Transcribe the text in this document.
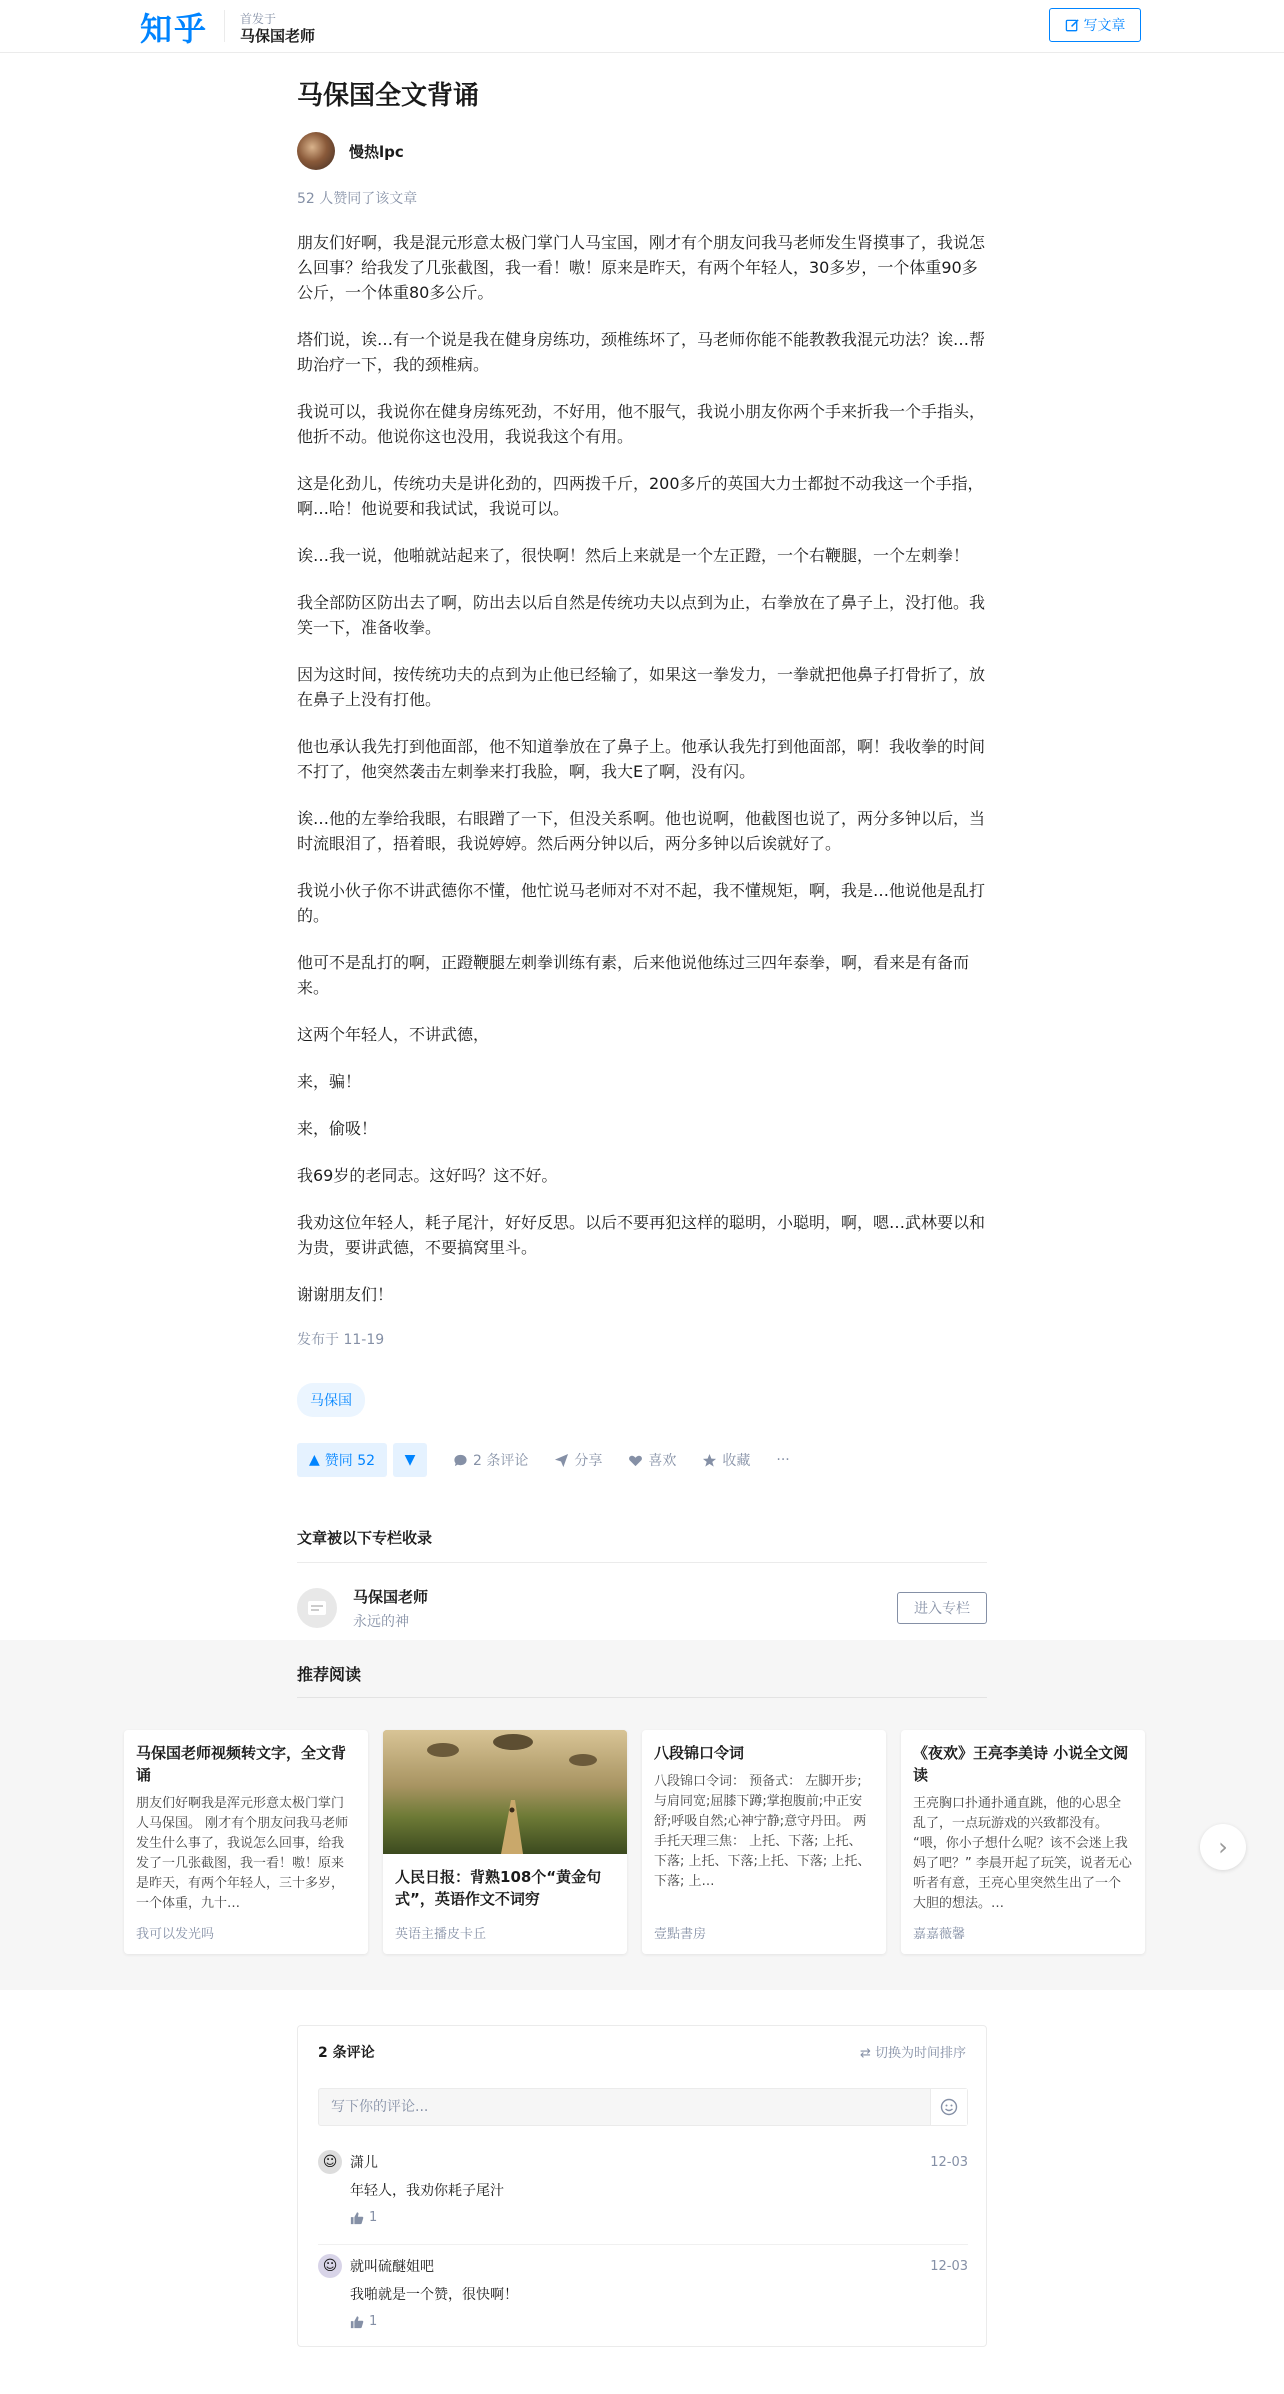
知乎	首发于
马保国老师
写文章
马保国全文背诵
慢热lpc
52 人赞同了该文章

朋友们好啊，我是混元形意太极门掌门人马宝国，刚才有个朋友问我马老师发生肾摸事了，我说怎么回事？给我发了几张截图，我一看！嗷！原来是昨天，有两个年轻人，30多岁，一个体重90多公斤，一个体重80多公斤。

塔们说，诶…有一个说是我在健身房练功，颈椎练坏了，马老师你能不能教教我混元功法？诶…帮助治疗一下，我的颈椎病。

我说可以，我说你在健身房练死劲，不好用，他不服气，我说小朋友你两个手来折我一个手指头，他折不动。他说你这也没用，我说我这个有用。

这是化劲儿，传统功夫是讲化劲的，四两拨千斤，200多斤的英国大力士都挝不动我这一个手指，啊…哈！他说要和我试试，我说可以。

诶…我一说，他啪就站起来了，很快啊！然后上来就是一个左正蹬，一个右鞭腿，一个左刺拳！

我全部防区防出去了啊，防出去以后自然是传统功夫以点到为止，右拳放在了鼻子上，没打他。我笑一下，准备收拳。

因为这时间，按传统功夫的点到为止他已经输了，如果这一拳发力，一拳就把他鼻子打骨折了，放在鼻子上没有打他。

他也承认我先打到他面部，他不知道拳放在了鼻子上。他承认我先打到他面部，啊！我收拳的时间不打了，他突然袭击左刺拳来打我脸，啊，我大E了啊，没有闪。

诶…他的左拳给我眼，右眼蹭了一下，但没关系啊。他也说啊，他截图也说了，两分多钟以后，当时流眼泪了，捂着眼，我说婷婷。然后两分钟以后，两分多钟以后诶就好了。

我说小伙子你不讲武德你不懂，他忙说马老师对不对不起，我不懂规矩，啊，我是…他说他是乱打的。

他可不是乱打的啊，正蹬鞭腿左刺拳训练有素，后来他说他练过三四年泰拳，啊，看来是有备而来。

这两个年轻人，不讲武德，

来，骗！

来，偷吸！

我69岁的老同志。这好吗？这不好。

我劝这位年轻人，耗子尾汁，好好反思。以后不要再犯这样的聪明，小聪明，啊，嗯…武林要以和为贵，要讲武德，不要搞窝里斗。

谢谢朋友们！

发布于 11-19
马保国
▲ 赞同 52 ▼	2 条评论	分享	喜欢	收藏 ···
文章被以下专栏收录
马保国老师
永远的神
进入专栏
推荐阅读
马保国老师视频转文字，全文背诵
朋友们好啊我是浑元形意太极门掌门人马保国。 刚才有个朋友问我马老师发生什么事了，我说怎么回事，给我发了一几张截图，我一看！嗷！原来是昨天，有两个年轻人，三十多岁，一个体重，九十…
我可以发光吗
人民日报：背熟108个“黄金句式”，英语作文不词穷
英语主播皮卡丘
八段锦口令词
八段锦口令词： 预备式： 左脚开步;与肩同宽;屈膝下蹲;掌抱腹前;中正安舒;呼吸自然;心神宁静;意守丹田。 两手托天理三焦： 上托、下落; 上托、下落; 上托、下落;上托、下落; 上托、下落; 上…
壹點書房
《夜欢》王亮李美诗 小说全文阅读
王亮胸口扑通扑通直跳，他的心思全乱了，一点玩游戏的兴致都没有。 “喂，你小子想什么呢？该不会迷上我妈了吧？” 李晨开起了玩笑，说者无心听者有意，王亮心里突然生出了一个大胆的想法。…
嘉嘉薇馨
›
2 条评论	⇄ 切换为时间排序
写下你的评论...
☺ 潇儿	12-03
年轻人，我劝你耗子尾汁
1
☺ 就叫硫醚姐吧	12-03
我啪就是一个赞，很快啊！
1
